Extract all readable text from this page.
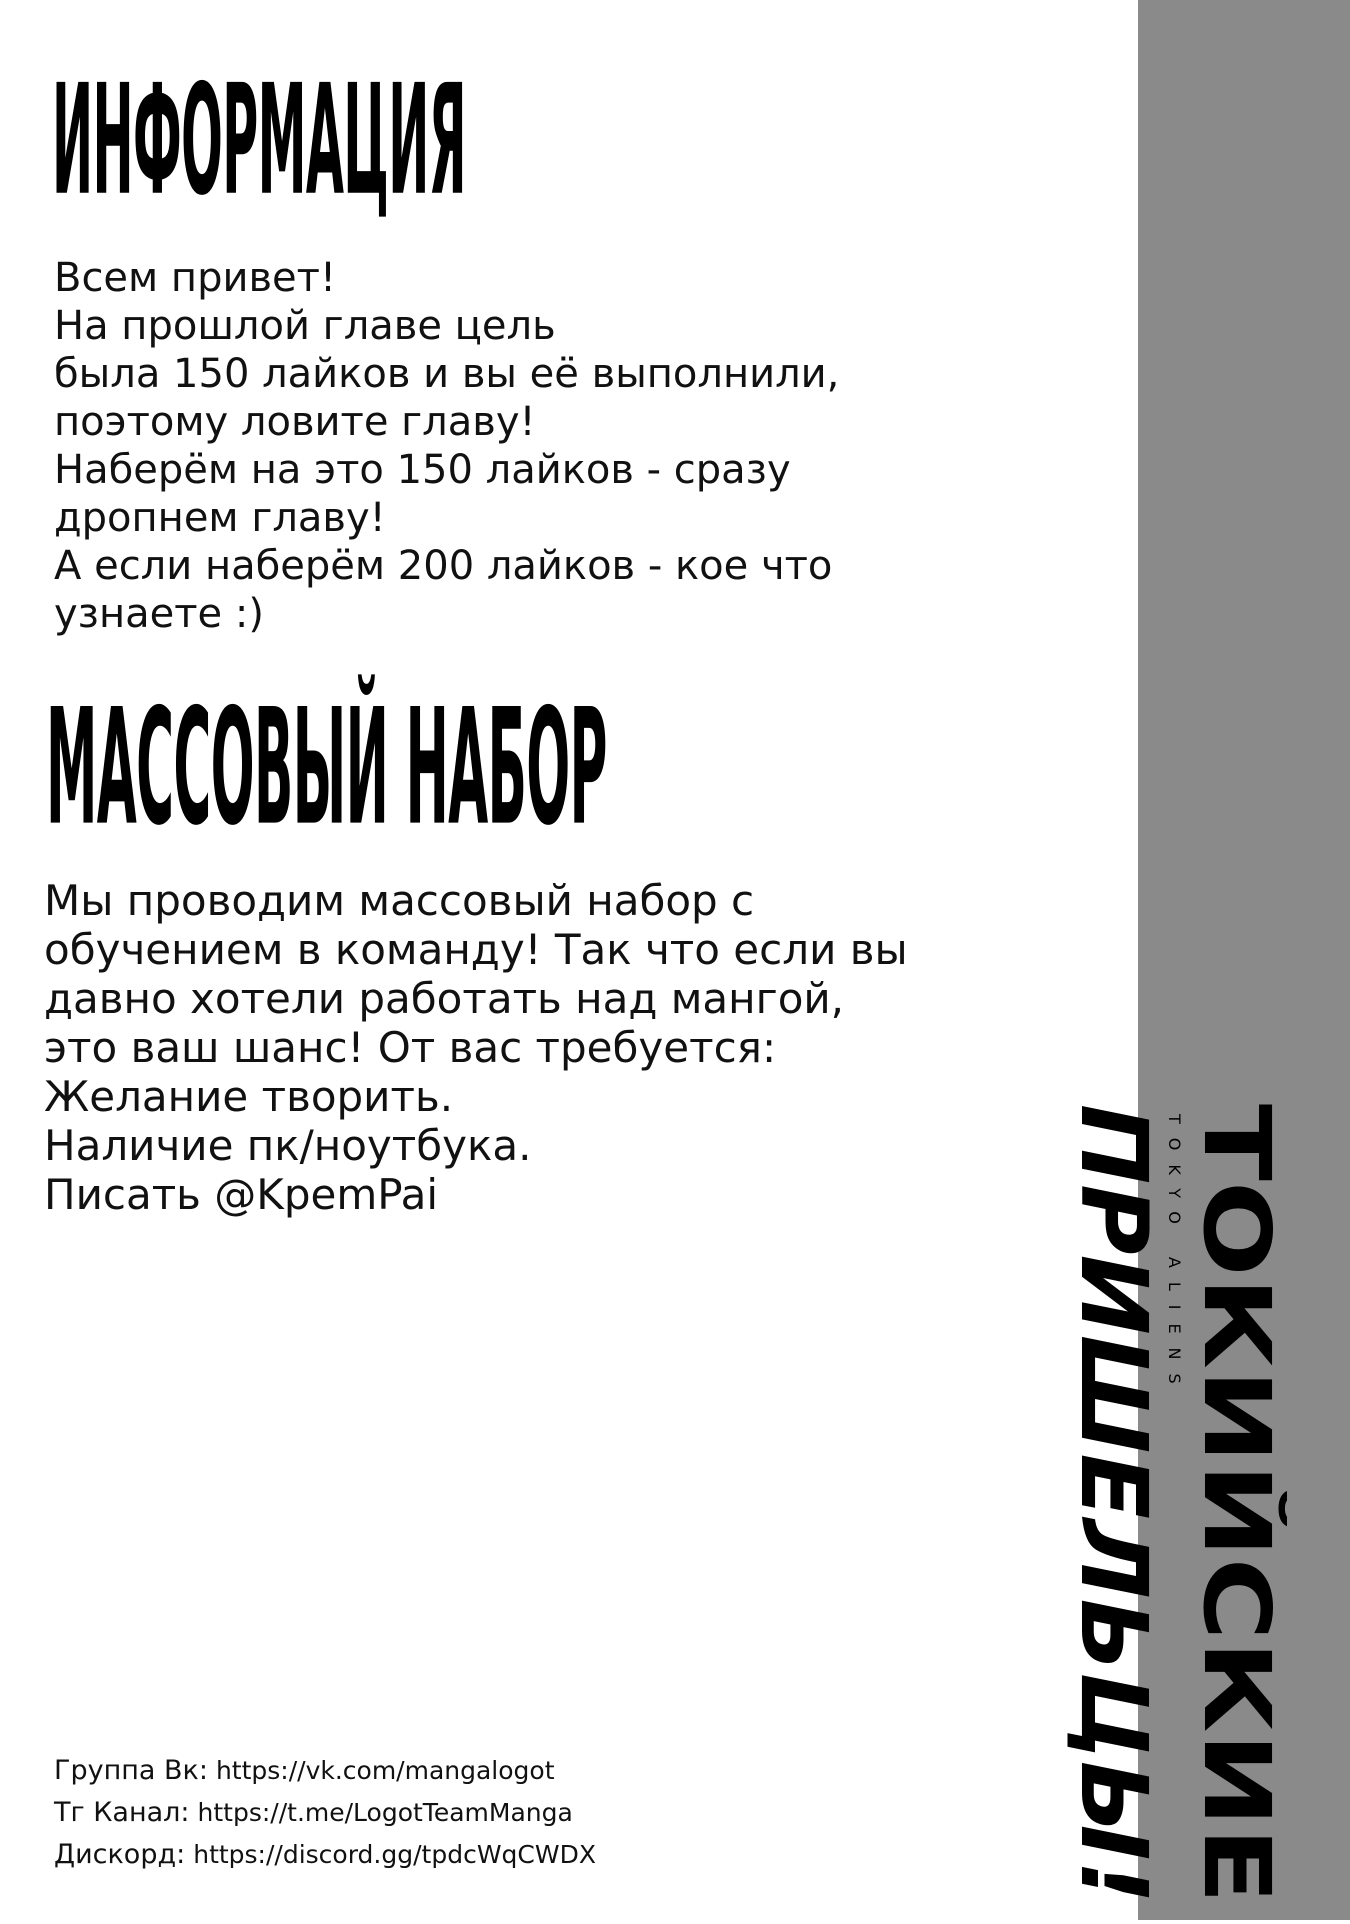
ИНФОРМАЦИЯ
Всем привет!
На прошлой главе цель
была 150 лайков и вы её выполнили,
поэтому ловите главу!
Наберём на это 150 лайков - сразу
дропнем главу!
А если наберём 200 лайков - кое что
узнаете :)
МАССОВЫЙ НАБОР
Мы проводим массовый набор с
обучением в команду! Так что если вы
давно хотели работать над мангой,
это ваш шанс! От вас требуется:
Желание творить.
Наличие пк/ноутбука.
Писать @KpemPai	ТОКИЙСКИЕ
TOKYO ALIENS
ПРИШЕЛЬЦЫ!
Группа Вк: https://vk.com/mangalogot
Тг Канал: https://t.me/LogotTeamManga
Дискорд: https://discord.gg/tpdcWqCWDX
